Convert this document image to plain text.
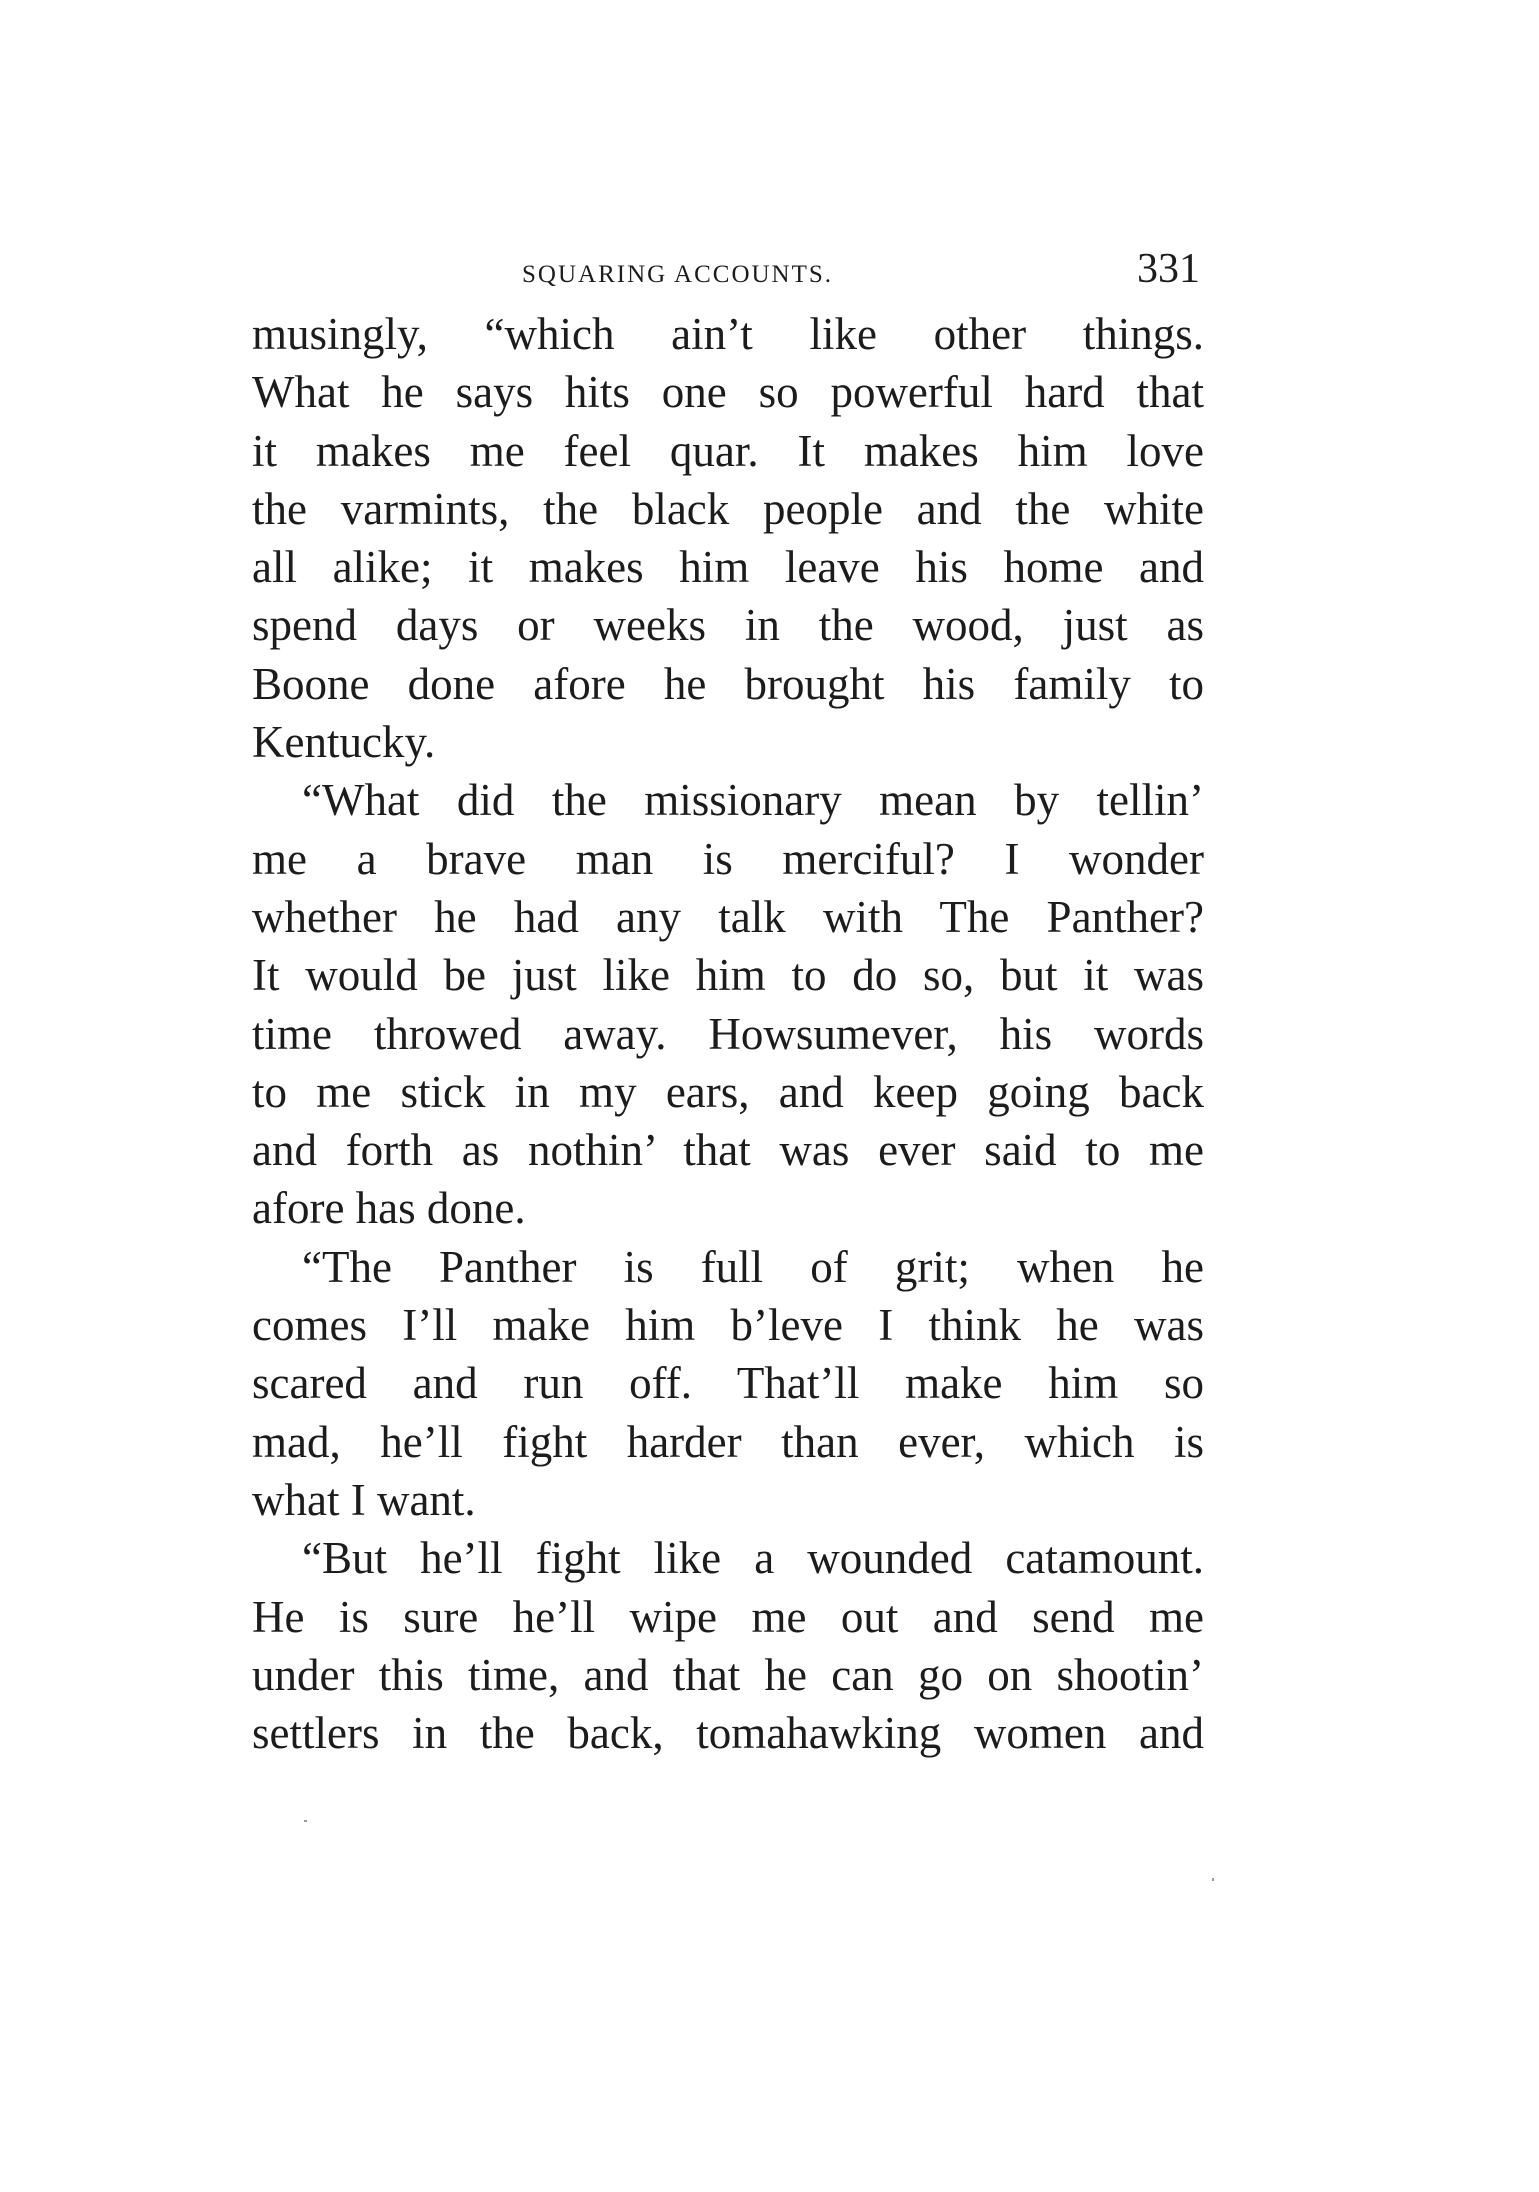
SQUARING ACCOUNTS.	331
musingly, “which ain’t like other things.
What he says hits one so powerful hard that
it makes me feel quar. It makes him love
the varmints, the black people and the white
all alike; it makes him leave his home and
spend days or weeks in the wood, just as
Boone done afore he brought his family to
Kentucky.
“What did the missionary mean by tellin’
me a brave man is merciful? I wonder
whether he had any talk with The Panther?
It would be just like him to do so, but it was
time throwed away. Howsumever, his words
to me stick in my ears, and keep going back
and forth as nothin’ that was ever said to me
afore has done.
“The Panther is full of grit; when he
comes I’ll make him b’leve I think he was
scared and run off. That’ll make him so
mad, he’ll fight harder than ever, which is
what I want.
“But he’ll fight like a wounded catamount.
He is sure he’ll wipe me out and send me
under this time, and that he can go on shootin’
settlers in the back, tomahawking women and
